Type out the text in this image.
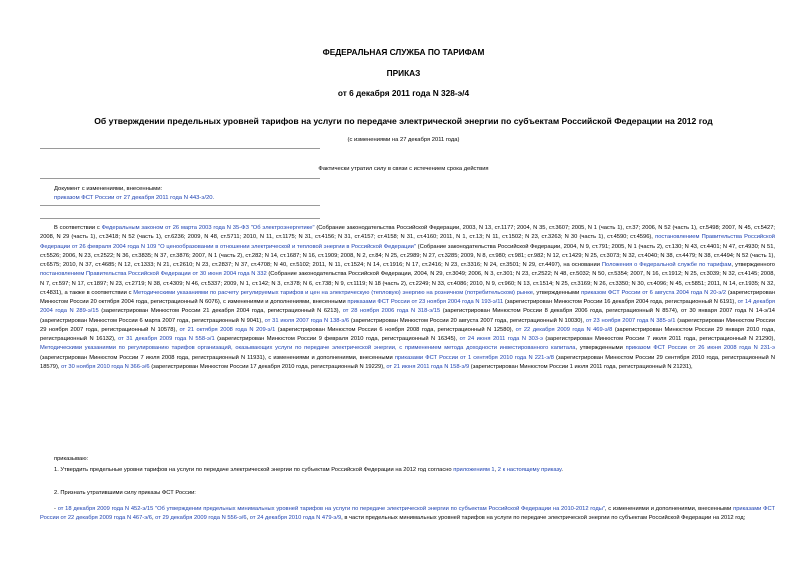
ФЕДЕРАЛЬНАЯ СЛУЖБА ПО ТАРИФАМ
ПРИКАЗ
от 6 декабря 2011 года N 328-э/4
Об утверждении предельных уровней тарифов на услуги по передаче электрической энергии по субъектам Российской Федерации на 2012 год
(с изменениями на 27 декабря 2011 года)
Фактически утратил силу в связи с истечением срока действия
Документ с изменениями, внесенными:
приказом ФСТ России от 27 декабря 2011 года N 443-э/20.
В соответствии с Федеральным законом от 26 марта 2003 года N 35-ФЗ "Об электроэнергетике" (Собрание законодательства Российской Федерации, 2003, N 13, ст.1177; 2004, N 35, ст.3607; 2005, N 1 (часть 1), ст.37; 2006, N 52 (часть 1), ст.5498; 2007, N 45, ст.5427; 2008, N 29 (часть 1), ст.3418; N 52 (часть 1), ст.6236; 2009, N 48, ст.5711; 2010, N 11, ст.1175; N 31, ст.4156; N 31, ст.4157; ст.4158; N 31, ст.4160; 2011, N 1, ст.13; N 11, ст.1502; N 23, ст.3263; N 30 (часть 1), ст.4590; ст.4596), постановлением Правительства Российской Федерации от 26 февраля 2004 года N 109 "О ценообразовании в отношении электрической и тепловой энергии в Российской Федерации" (Собрание законодательства Российской Федерации, 2004, N 9, ст.791; 2005, N 1 (часть 2), ст.130; N 43, ст.4401; N 47, ст.4930; N 51, ст.5526; 2006, N 23, ст.2522; N 36, ст.3835; N 37, ст.3876; 2007, N 1 (часть 2), ст.282; N 14, ст.1687; N 16, ст.1909; 2008, N 2, ст.84; N 25, ст.2989; N 27, ст.3285; 2009, N 8, ст.980; ст.981; ст.982; N 12, ст.1429; N 25, ст.3073; N 32, ст.4040; N 38, ст.4479; N 38, ст.4494; N 52 (часть 1), ст.6575; 2010, N 37, ст.4685; N 12, ст.1333; N 21, ст.2610; N 23, ст.2837; N 37, ст.4708; N 40, ст.5102; 2011, N 11, ст.1524; N 14, ст.1916; N 17, ст.2416; N 23, ст.3316; N 24, ст.3501; N 29, ст.4497), на основании Положения о Федеральной службе по тарифам, утвержденного постановлением Правительства Российской Федерации от 30 июня 2004 года N 332 (Собрание законодательства Российской Федерации, 2004, N 29, ст.3049; 2006, N 3, ст.301; N 23, ст.2522; N 48, ст.5032; N 50, ст.5354; 2007, N 16, ст.1912; N 25, ст.3039; N 32, ст.4145; 2008, N 7, ст.597; N 17, ст.1897; N 23, ст.2719; N 38, ст.4309; N 46, ст.5337; 2009, N 1, ст.142; N 3, ст.378; N 6, ст.738; N 9, ст.1119; N 18 (часть 2), ст.2249; N 33, ст.4086; 2010, N 9, ст.960; N 13, ст.1514; N 25, ст.3169; N 26, ст.3350; N 30, ст.4096; N 45, ст.5851; 2011, N 14, ст.1935; N 32, ст.4831), а также в соответствии с Методическими указаниями по расчету регулируемых тарифов и цен на электрическую (тепловую) энергию на розничном (потребительском) рынке, утвержденными приказом ФСТ России от 6 августа 2004 года N 20-э/2 (зарегистрирован Минюстом России 20 октября 2004 года, регистрационный N 6076), с изменениями и дополнениями, внесенными приказами ФСТ России от 23 ноября 2004 года N 193-э/11 (зарегистрирован Минюстом России 16 декабря 2004 года, регистрационный N 6191), от 14 декабря 2004 года N 289-э/15 (зарегистрирован Минюстом России 21 декабря 2004 года, регистрационный N 6213), от 28 ноября 2006 года N 318-э/15 (зарегистрирован Минюстом России 8 декабря 2006 года, регистрационный N 8574), от 30 января 2007 года N 14-э/14 (зарегистрирован Минюстом России 6 марта 2007 года, регистрационный N 9041), от 31 июля 2007 года N 138-э/6 (зарегистрирован Минюстом России 20 августа 2007 года, регистрационный N 10030), от 23 ноября 2007 года N 385-э/1 (зарегистрирован Минюстом России 29 ноября 2007 года, регистрационный N 10578), от 21 октября 2008 года N 209-э/1 (зарегистрирован Минюстом России 6 ноября 2008 года, регистрационный N 12580), от 22 декабря 2009 года N 469-э/8 (зарегистрирован Минюстом России 29 января 2010 года, регистрационный N 16132), от 31 декабря 2009 года N 558-э/1 (зарегистрирован Минюстом России 9 февраля 2010 года, регистрационный N 16345), от 24 июня 2011 года N 303-э (зарегистрирован Минюстом России 7 июля 2011 года, регистрационный N 21290), Методическими указаниями по регулированию тарифов организаций, оказывающих услуги по передаче электрической энергии, с применением метода доходности инвестированного капитала, утвержденными приказом ФСТ России от 26 июня 2008 года N 231-э (зарегистрирован Минюстом России 7 июля 2008 года, регистрационный N 11931), с изменениями и дополнениями, внесенными приказами ФСТ России от 1 сентября 2010 года N 221-э/8 (зарегистрирован Минюстом России 29 сентября 2010 года, регистрационный N 18579), от 30 ноября 2010 года N 366-э/6 (зарегистрирован Минюстом России 17 декабря 2010 года, регистрационный N 19229), от 21 июня 2011 года N 158-э/9 (зарегистрирован Минюстом России 1 июля 2011 года, регистрационный N 21231),
приказываю:
1. Утвердить предельные уровни тарифов на услуги по передаче электрической энергии по субъектам Российской Федерации на 2012 год согласно приложениям 1, 2 к настоящему приказу.
2. Признать утратившими силу приказы ФСТ России:
- от 18 декабря 2009 года N 452-э/15 "Об утверждении предельных минимальных уровней тарифов на услуги по передаче электрической энергии по субъектам Российской Федерации на 2010-2012 годы", с изменениями и дополнениями, внесенными приказами ФСТ России от 22 декабря 2009 года N 467-э/6, от 29 декабря 2009 года N 556-э/6, от 24 декабря 2010 года N 479-э/9, в части предельных минимальных уровней тарифов на услуги по передаче электрической энергии по субъектам Российской Федерации на 2012 год;
